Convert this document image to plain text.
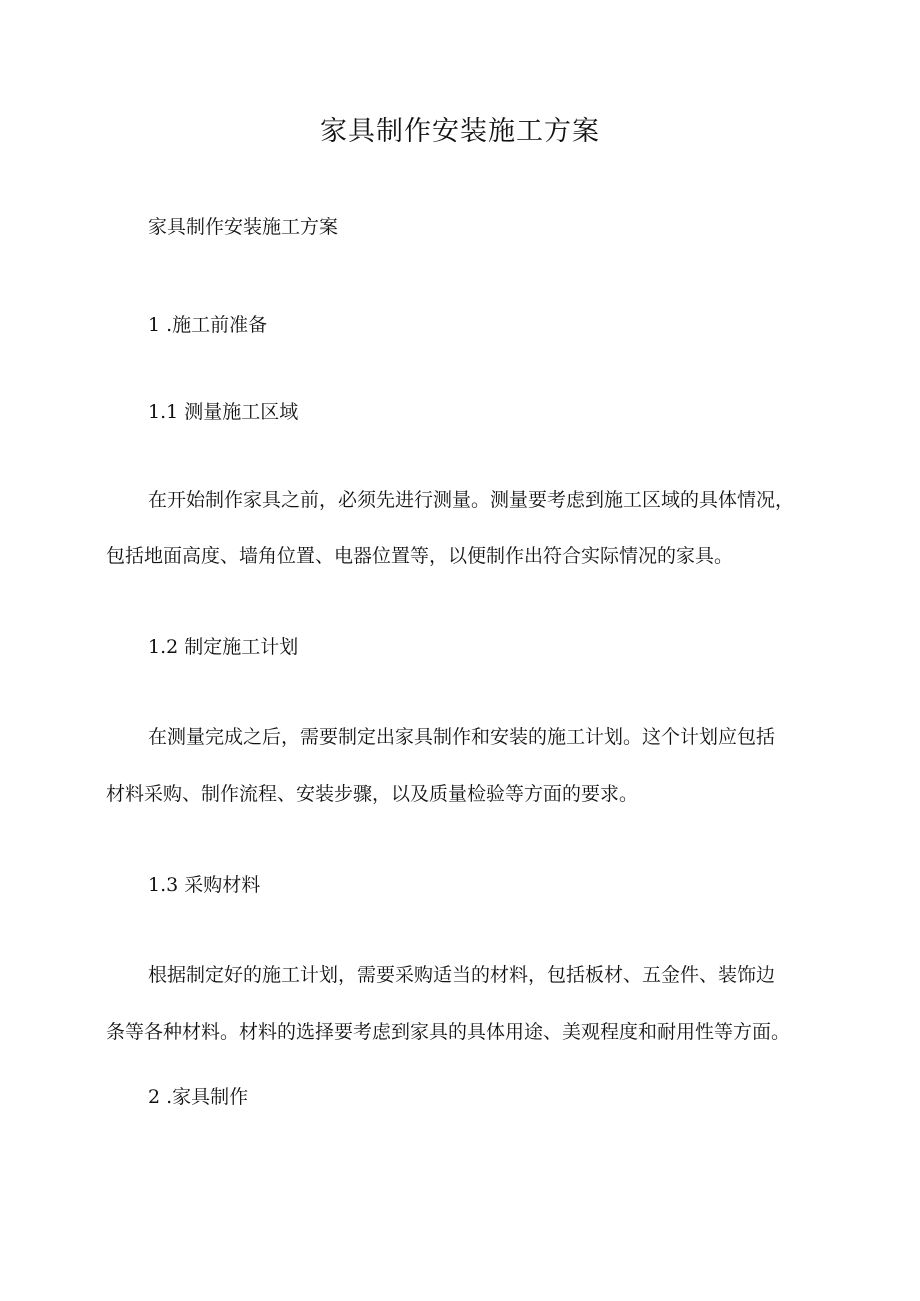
家具制作安装施工方案
家具制作安装施工方案
1 .施工前准备
1.1 测量施工区域
在开始制作家具之前，必须先进行测量。测量要考虑到施工区域的具体情况，
包括地面高度、墙角位置、电器位置等，以便制作出符合实际情况的家具。
1.2 制定施工计划
在测量完成之后，需要制定出家具制作和安装的施工计划。这个计划应包括
材料采购、制作流程、安装步骤，以及质量检验等方面的要求。
1.3 采购材料
根据制定好的施工计划，需要采购适当的材料，包括板材、五金件、装饰边
条等各种材料。材料的选择要考虑到家具的具体用途、美观程度和耐用性等方面。
2 .家具制作
